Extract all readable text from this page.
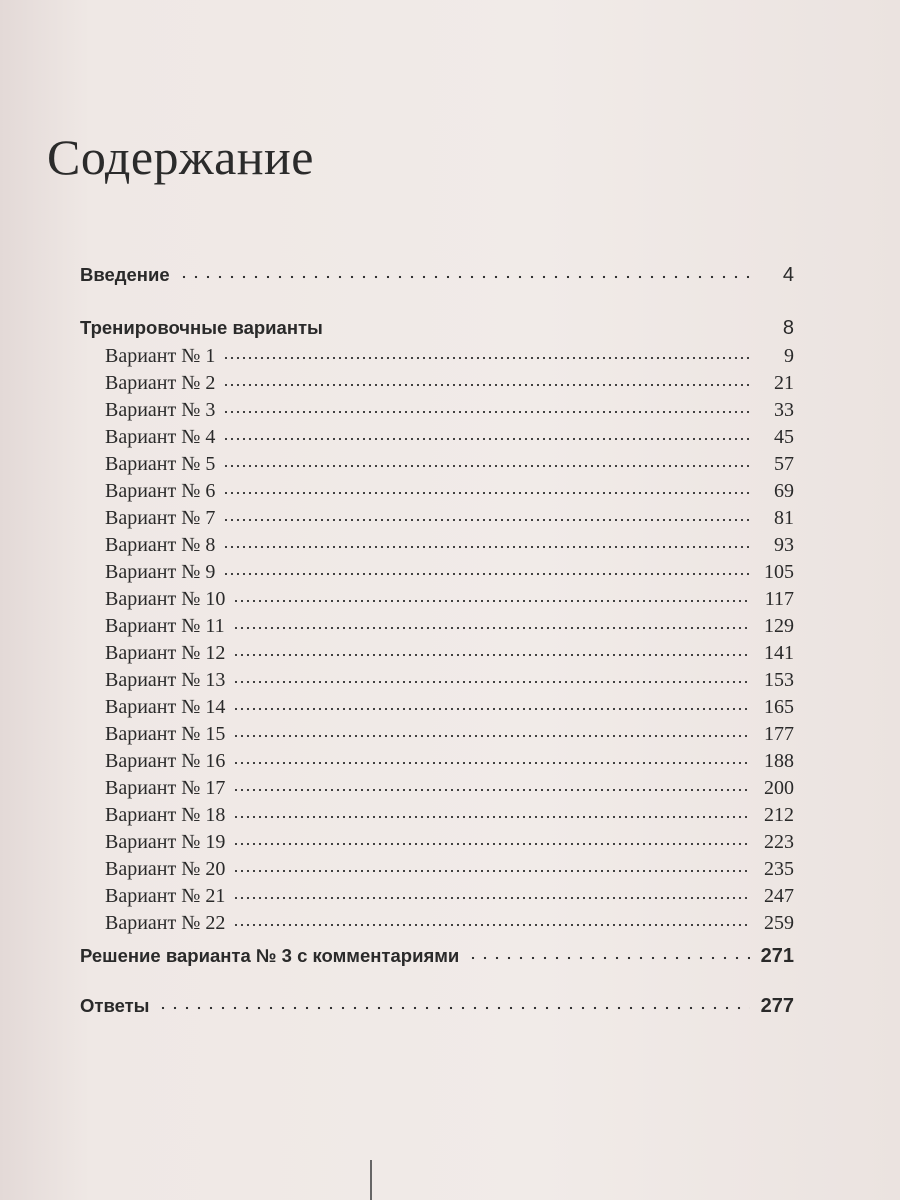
Содержание
Введение	4
Тренировочные варианты	8
Вариант № 1	9
Вариант № 2	21
Вариант № 3	33
Вариант № 4	45
Вариант № 5	57
Вариант № 6	69
Вариант № 7	81
Вариант № 8	93
Вариант № 9	105
Вариант № 10	117
Вариант № 11	129
Вариант № 12	141
Вариант № 13	153
Вариант № 14	165
Вариант № 15	177
Вариант № 16	188
Вариант № 17	200
Вариант № 18	212
Вариант № 19	223
Вариант № 20	235
Вариант № 21	247
Вариант № 22	259
Решение варианта № 3 с комментариями	271
Ответы	277
